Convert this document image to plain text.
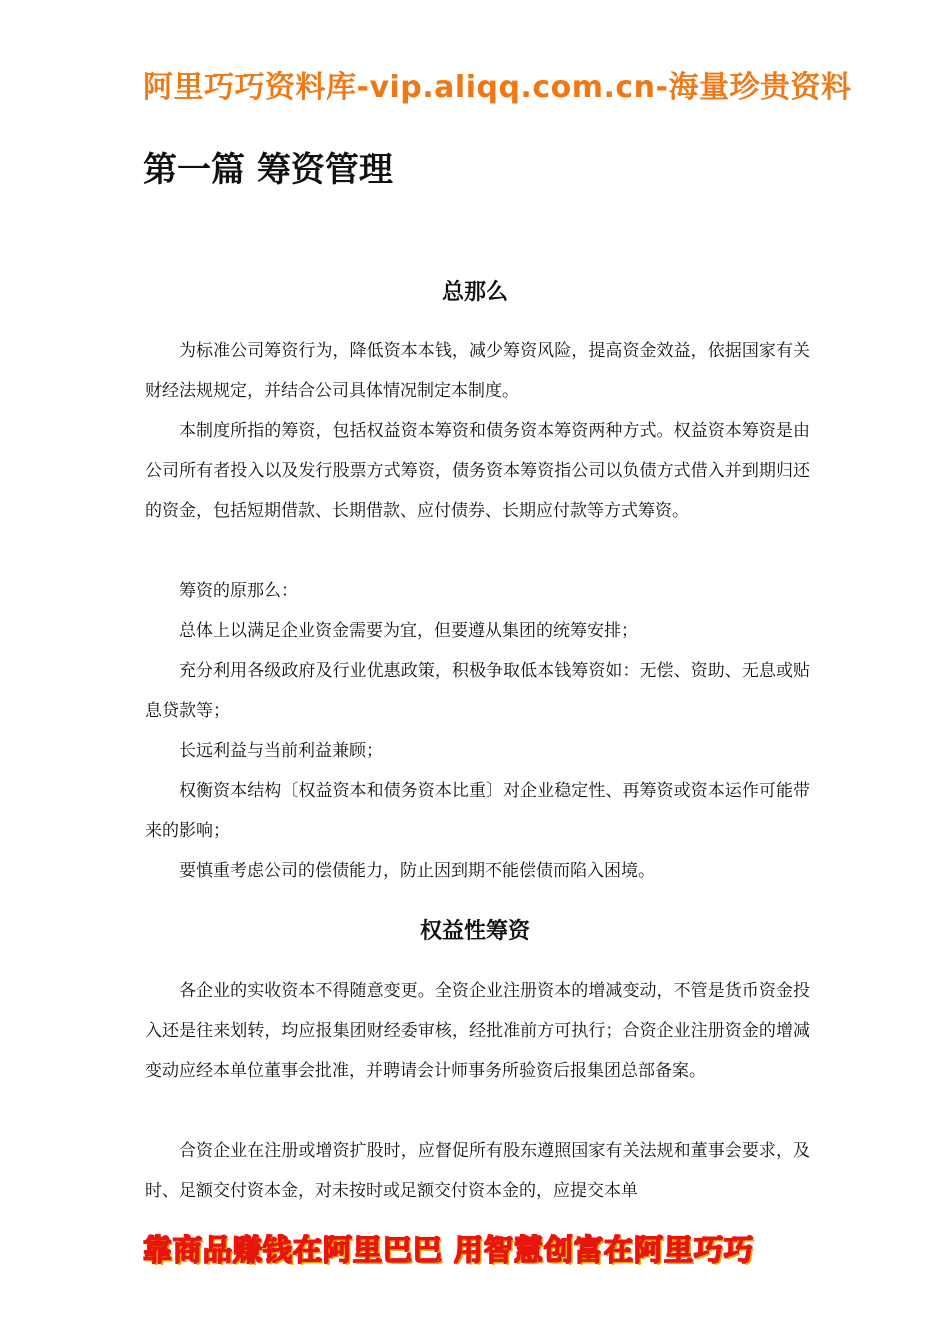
阿里巧巧资料库-vip.aliqq.com.cn-海量珍贵资料
第一篇 筹资管理
总那么

为标准公司筹资行为，降低资本本钱，减少筹资风险，提高资金效益，依据国家有关财经法规规定，并结合公司具体情况制定本制度。

本制度所指的筹资，包括权益资本筹资和债务资本筹资两种方式。权益资本筹资是由公司所有者投入以及发行股票方式筹资，债务资本筹资指公司以负债方式借入并到期归还的资金，包括短期借款、长期借款、应付债券、长期应付款等方式筹资。

筹资的原那么：

总体上以满足企业资金需要为宜，但要遵从集团的统筹安排；

充分利用各级政府及行业优惠政策，积极争取低本钱筹资如：无偿、资助、无息或贴息贷款等；

长远利益与当前利益兼顾；

权衡资本结构〔权益资本和债务资本比重〕对企业稳定性、再筹资或资本运作可能带来的影响；

要慎重考虑公司的偿债能力，防止因到期不能偿债而陷入困境。

权益性筹资

各企业的实收资本不得随意变更。全资企业注册资本的增减变动，不管是货币资金投入还是往来划转，均应报集团财经委审核，经批准前方可执行；合资企业注册资金的增减变动应经本单位董事会批准，并聘请会计师事务所验资后报集团总部备案。

合资企业在注册或增资扩股时，应督促所有股东遵照国家有关法规和董事会要求，及时、足额交付资本金，对未按时或足额交付资本金的，应提交本单

靠商品赚钱在阿里巴巴 用智慧创富在阿里巧巧
